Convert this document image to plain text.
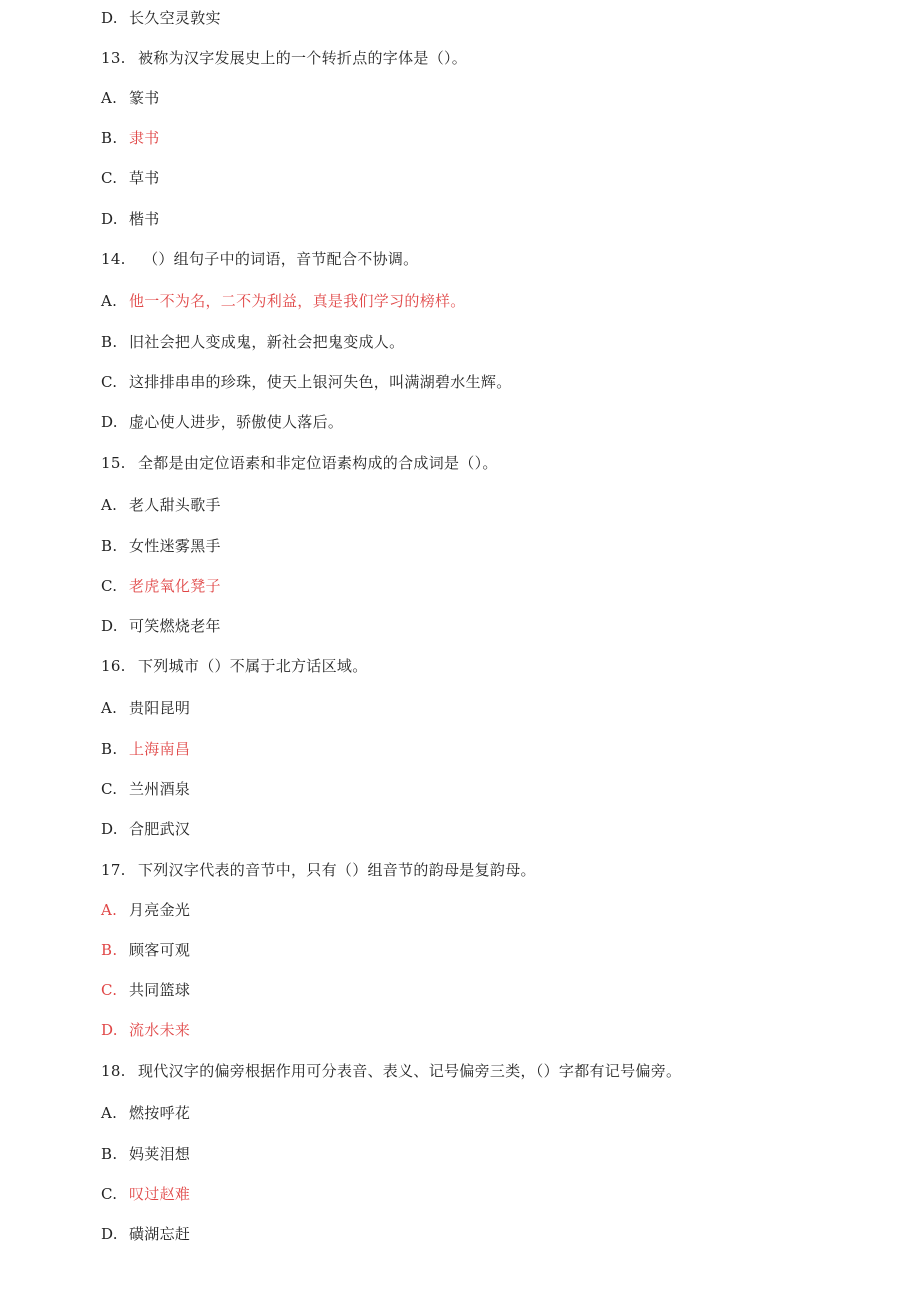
D. 长久空灵敦实
13. 被称为汉字发展史上的一个转折点的字体是（）。
A. 篆书
B. 隶书
C. 草书
D. 楷书
14. （）组句子中的词语，音节配合不协调。
A. 他一不为名，二不为利益，真是我们学习的榜样。
B. 旧社会把人变成鬼，新社会把鬼变成人。
C. 这排排串串的珍珠，使天上银河失色，叫满湖碧水生辉。
D. 虚心使人进步，骄傲使人落后。
15. 全都是由定位语素和非定位语素构成的合成词是（）。
A. 老人甜头歌手
B. 女性迷雾黑手
C. 老虎氧化凳子
D. 可笑燃烧老年
16. 下列城市（）不属于北方话区域。
A. 贵阳昆明
B. 上海南昌
C. 兰州酒泉
D. 合肥武汉
17. 下列汉字代表的音节中，只有（）组音节的韵母是复韵母。
A. 月亮金光
B. 顾客可观
C. 共同篮球
D. 流水未来
18. 现代汉字的偏旁根据作用可分表音、表义、记号偏旁三类，（）字都有记号偏旁。
A. 燃按呼花
B. 妈荚泪想
C. 叹过赵难
D. 磺湖忘赶
